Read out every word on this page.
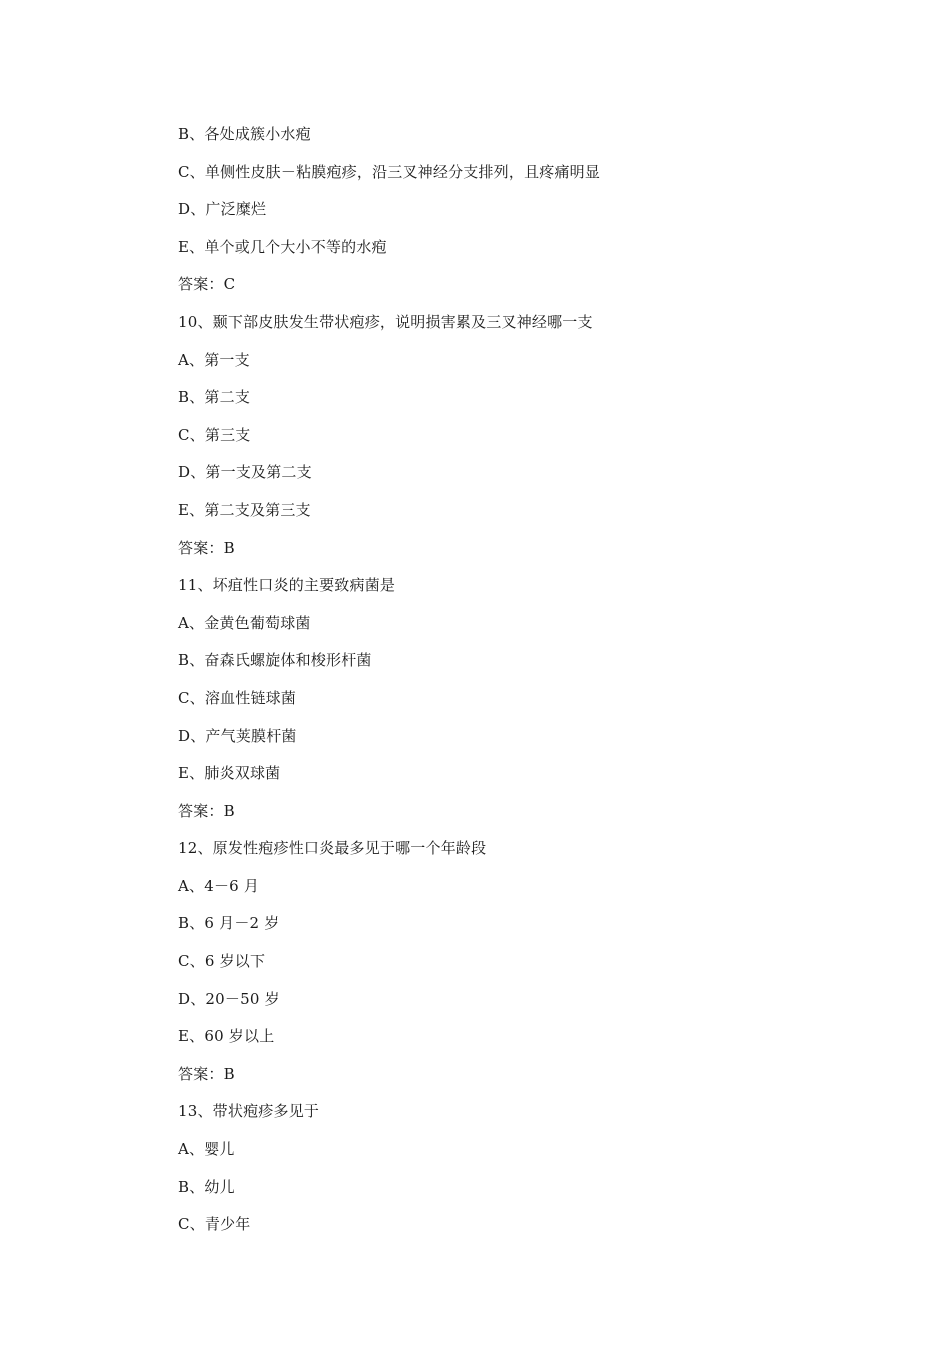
B、各处成簇小水疱
C、单侧性皮肤－粘膜疱疹，沿三叉神经分支排列，且疼痛明显
D、广泛糜烂
E、单个或几个大小不等的水疱
答案：C
10、颞下部皮肤发生带状疱疹，说明损害累及三叉神经哪一支
A、第一支
B、第二支
C、第三支
D、第一支及第二支
E、第二支及第三支
答案：B
11、坏疽性口炎的主要致病菌是
A、金黄色葡萄球菌
B、奋森氏螺旋体和梭形杆菌
C、溶血性链球菌
D、产气荚膜杆菌
E、肺炎双球菌
答案：B
12、原发性疱疹性口炎最多见于哪一个年龄段
A、4－6 月
B、6 月－2 岁
C、6 岁以下
D、20－50 岁
E、60 岁以上
答案：B
13、带状疱疹多见于
A、婴儿
B、幼儿
C、青少年
